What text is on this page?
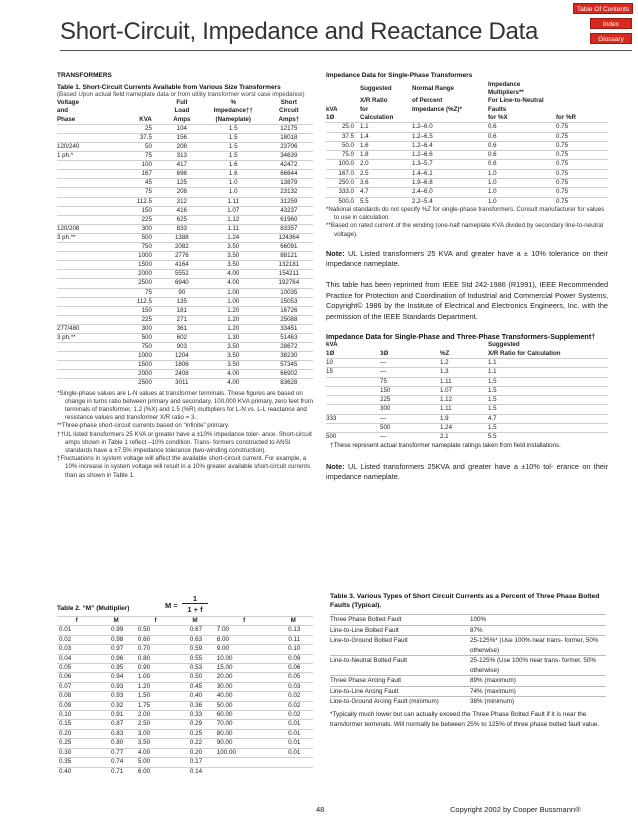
Table Of Contents
Index
Glossary
Short-Circuit, Impedance and Reactance Data
TRANSFORMERS
Table 1. Short-Circuit Currents Available from Various Size Transformers
(Based Upon actual field nameplate data or from utility transformer worst case impedance)
Voltage		Full	%	Short
and		Load	Impedance††	Circuit
Phase	KVA	Amps	(Nameplate)	Amps†
	25	104	1.5	12175
	37.5	156	1.5	18018
120/240	50	208	1.5	23706
1 ph.*	75	313	1.5	34639
	100	417	1.6	42472
	167	696	1.6	66644
	45	125	1.0	13879
	75	208	1.0	23132
	112.5	312	1.11	31259
	150	416	1.07	43237
	225	625	1.12	61960
120/208	300	833	1.11	83357
3 ph.**	500	1388	1.24	124364
	750	2082	3.50	66091
	1000	2776	3.50	88121
	1500	4164	3.50	132181
	2000	5552	4.00	154211
	2500	6940	4.00	192764
	75	90	1.00	10035
	112.5	135	1.00	15053
	150	181	1.20	16726
	225	271	1.20	25088
277/480	300	361	1.20	33451
3 ph.**	500	602	1.30	51463
	750	903	3.50	28672
	1000	1204	3.50	38230
	1500	1806	3.50	57345
	2000	2408	4.00	66902
	2500	3011	4.00	83628
*Single-phase values are L-N values at transformer terminals. These figures are based on change in turns ratio between primary and secondary, 100,000 KVA primary, zero feet from terminals of transformer, 1.2 (%X) and 1.5 (%R) multipliers for L-N vs. L-L reactance and resistance values and transformer X/R ratio = 3.
**Three-phase short-circuit currents based on “infinite” primary.
††UL listed transformers 25 KVA or greater have a ±10% impedance toler- ance. Short-circuit amps shown in Table 1 reflect –10% condition. Trans- formers constructed to ANSI standards have a ±7.5% impedance tolerance (two-winding construction).
†Fluctuations in system voltage will affect the available short-circuit current. For example, a 10% increase in system voltage will result in a 10% greater available short-circuit currents than as shown in Table 1.
Impedance Data for Single-Phase Transformers
	Suggested	Normal Range	Impedance Multipliers**	
	X/R Ratio	of Percent	For Line-to-Neutral	
kVA	for	Impedance (%Z)*	Faults	
1Ø	Calculation		for %X	for %R
25.0	1.1	1.2–6.0	0.6	0.75
37.5	1.4	1.2–6.5	0.6	0.75
50.0	1.6	1.2–6.4	0.6	0.75
75.0	1.8	1.2–6.6	0.6	0.75
100.0	2.0	1.3–5.7	0.6	0.75
167.0	2.5	1.4–6.1	1.0	0.75
250.0	3.6	1.9–6.8	1.0	0.75
333.0	4.7	2.4–6.0	1.0	0.75
500.0	5.5	2.2–5.4	1.0	0.75
*National standards do not specify %Z for single-phase transformers. Consult manufacturer for values to use in calculation.
**Based on rated current of the winding (one-half nameplate KVA divided by secondary line-to-neutral voltage).
Note: UL Listed transformers 25 KVA and greater have a ± 10% tolerance on their impedance nameplate.
This table has been reprinted from IEEE Std 242-1986 (R1991), IEEE Recommended Practice for Protection and Coordination of Industrial and Commercial Power Systems, Copyright© 1986 by the Institute of Electrical and Electronics Engineers, Inc. with the permission of the IEEE Standards Department.
Impedance Data for Single-Phase and Three-Phase Transformers-Supplement†
kVA			Suggested
1Ø	3Ø	%Z	X/R Ratio for Calculation
10	—	1.2	1.1
15	—	1.3	1.1
	75	1.11	1.5
	150	1.07	1.5
	225	1.12	1.5
	300	1.11	1.5
333	—	1.9	4.7
	500	1.24	1.5
500	—	2.1	5.5
†These represent actual transformer nameplate ratings taken from field installations.
Note: UL Listed transformers 25KVA and greater have a ±10% tol- erance on their impedance nameplate.
Table 2. “M” (Multiplier)	M =
1
1 + f
f	M	f	M	f	M
0.01	0.99	0.50	0.67	7.00	0.13
0.02	0.98	0.60	0.63	8.00	0.11
0.03	0.97	0.70	0.59	9.00	0.10
0.04	0.96	0.80	0.55	10.00	0.09
0.05	0.95	0.90	0.53	15.00	0.06
0.06	0.94	1.00	0.50	20.00	0.05
0.07	0.93	1.20	0.45	30.00	0.03
0.08	0.93	1.50	0.40	40.00	0.02
0.09	0.92	1.75	0.36	50.00	0.02
0.10	0.91	2.00	0.33	60.00	0.02
0.15	0.87	2.50	0.29	70.00	0.01
0.20	0.83	3.00	0.25	80.00	0.01
0.25	0.80	3.50	0.22	90.00	0.01
0.30	0.77	4.00	0.20	100.00	0.01
0.35	0.74	5.00	0.17		
0.40	0.71	6.00	0.14		
Table 3. Various Types of Short Circuit Currents as a Percent of Three Phase Bolted Faults (Typical).
Three Phase Bolted Fault	100%
Line-to-Line Bolted Fault	87%
Line-to-Ground Bolted Fault	25-125%* (Use 100% near trans- former, 50% otherwise)
Line-to-Neutral Bolted Fault	25-125% (Use 100% near trans- former, 50% otherwise)
Three Phase Arcing Fault	89% (maximum)
Line-to-Line Arcing Fault	74% (maximum)
Line-to-Ground Arcing Fault (minimum)	38% (minimum)
*Typically much lower but can actually exceed the Three Phase Bolted Fault if it is near the transformer terminals. Will normally be between 25% to 125% of three phase bolted fault value.
48	Copyright 2002 by Cooper Bussmann®
